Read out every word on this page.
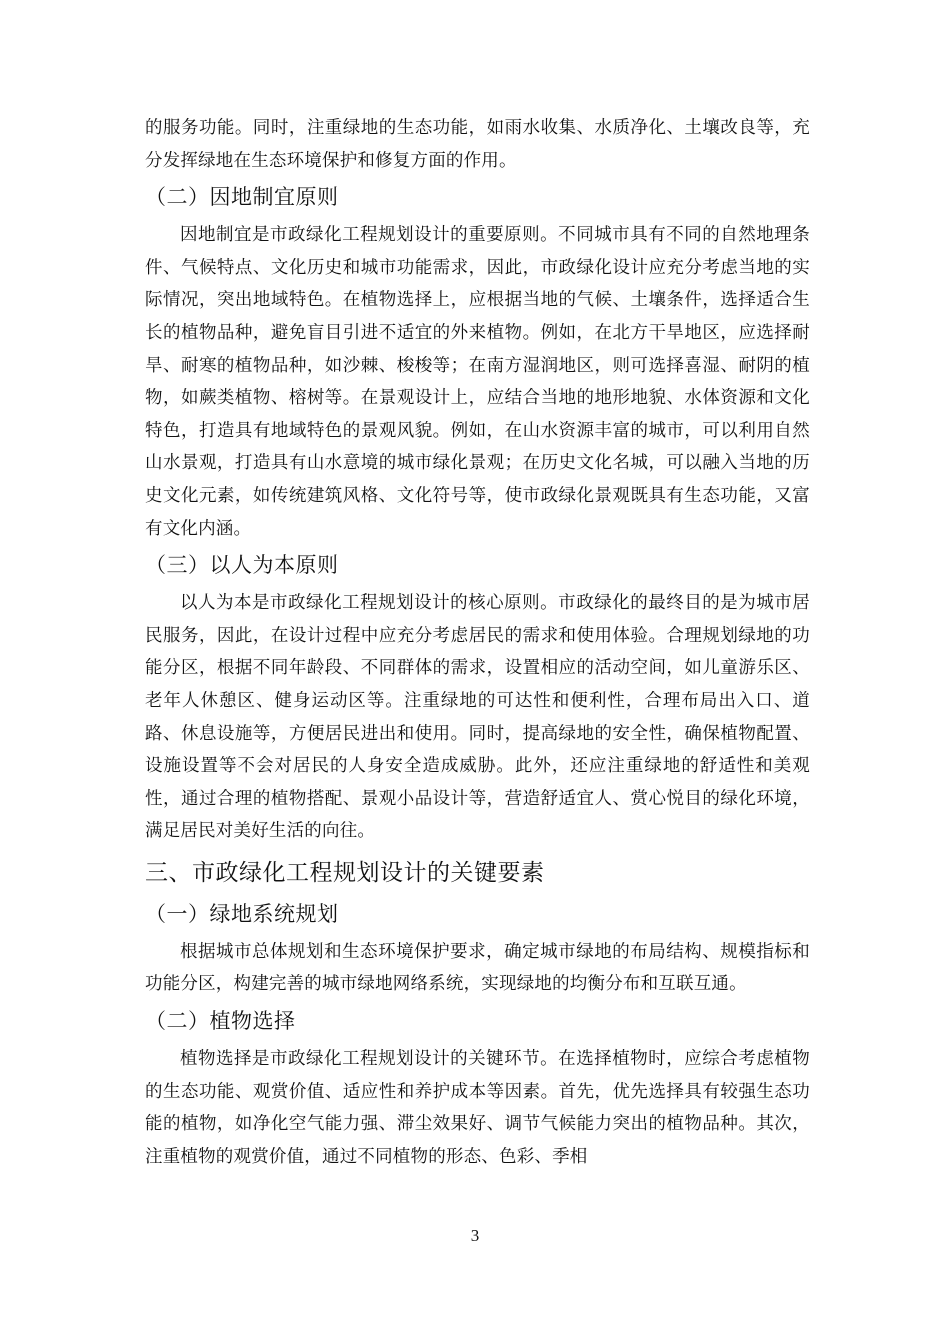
的服务功能。同时，注重绿地的生态功能，如雨水收集、水质净化、土壤改良等，充分发挥绿地在生态环境保护和修复方面的作用。

（二）因地制宜原则

因地制宜是市政绿化工程规划设计的重要原则。不同城市具有不同的自然地理条件、气候特点、文化历史和城市功能需求，因此，市政绿化设计应充分考虑当地的实际情况，突出地域特色。在植物选择上，应根据当地的气候、土壤条件，选择适合生长的植物品种，避免盲目引进不适宜的外来植物。例如，在北方干旱地区，应选择耐旱、耐寒的植物品种，如沙棘、梭梭等；在南方湿润地区，则可选择喜湿、耐阴的植物，如蕨类植物、榕树等。在景观设计上，应结合当地的地形地貌、水体资源和文化特色，打造具有地域特色的景观风貌。例如，在山水资源丰富的城市，可以利用自然山水景观，打造具有山水意境的城市绿化景观；在历史文化名城，可以融入当地的历史文化元素，如传统建筑风格、文化符号等，使市政绿化景观既具有生态功能，又富有文化内涵。

（三）以人为本原则

以人为本是市政绿化工程规划设计的核心原则。市政绿化的最终目的是为城市居民服务，因此，在设计过程中应充分考虑居民的需求和使用体验。合理规划绿地的功能分区，根据不同年龄段、不同群体的需求，设置相应的活动空间，如儿童游乐区、老年人休憩区、健身运动区等。注重绿地的可达性和便利性，合理布局出入口、道路、休息设施等，方便居民进出和使用。同时，提高绿地的安全性，确保植物配置、设施设置等不会对居民的人身安全造成威胁。此外，还应注重绿地的舒适性和美观性，通过合理的植物搭配、景观小品设计等，营造舒适宜人、赏心悦目的绿化环境，满足居民对美好生活的向往。

三、市政绿化工程规划设计的关键要素
（一）绿地系统规划

根据城市总体规划和生态环境保护要求，确定城市绿地的布局结构、规模指标和功能分区，构建完善的城市绿地网络系统，实现绿地的均衡分布和互联互通。

（二）植物选择

植物选择是市政绿化工程规划设计的关键环节。在选择植物时，应综合考虑植物的生态功能、观赏价值、适应性和养护成本等因素。首先，优先选择具有较强生态功能的植物，如净化空气能力强、滞尘效果好、调节气候能力突出的植物品种。其次，注重植物的观赏价值，通过不同植物的形态、色彩、季相

3
